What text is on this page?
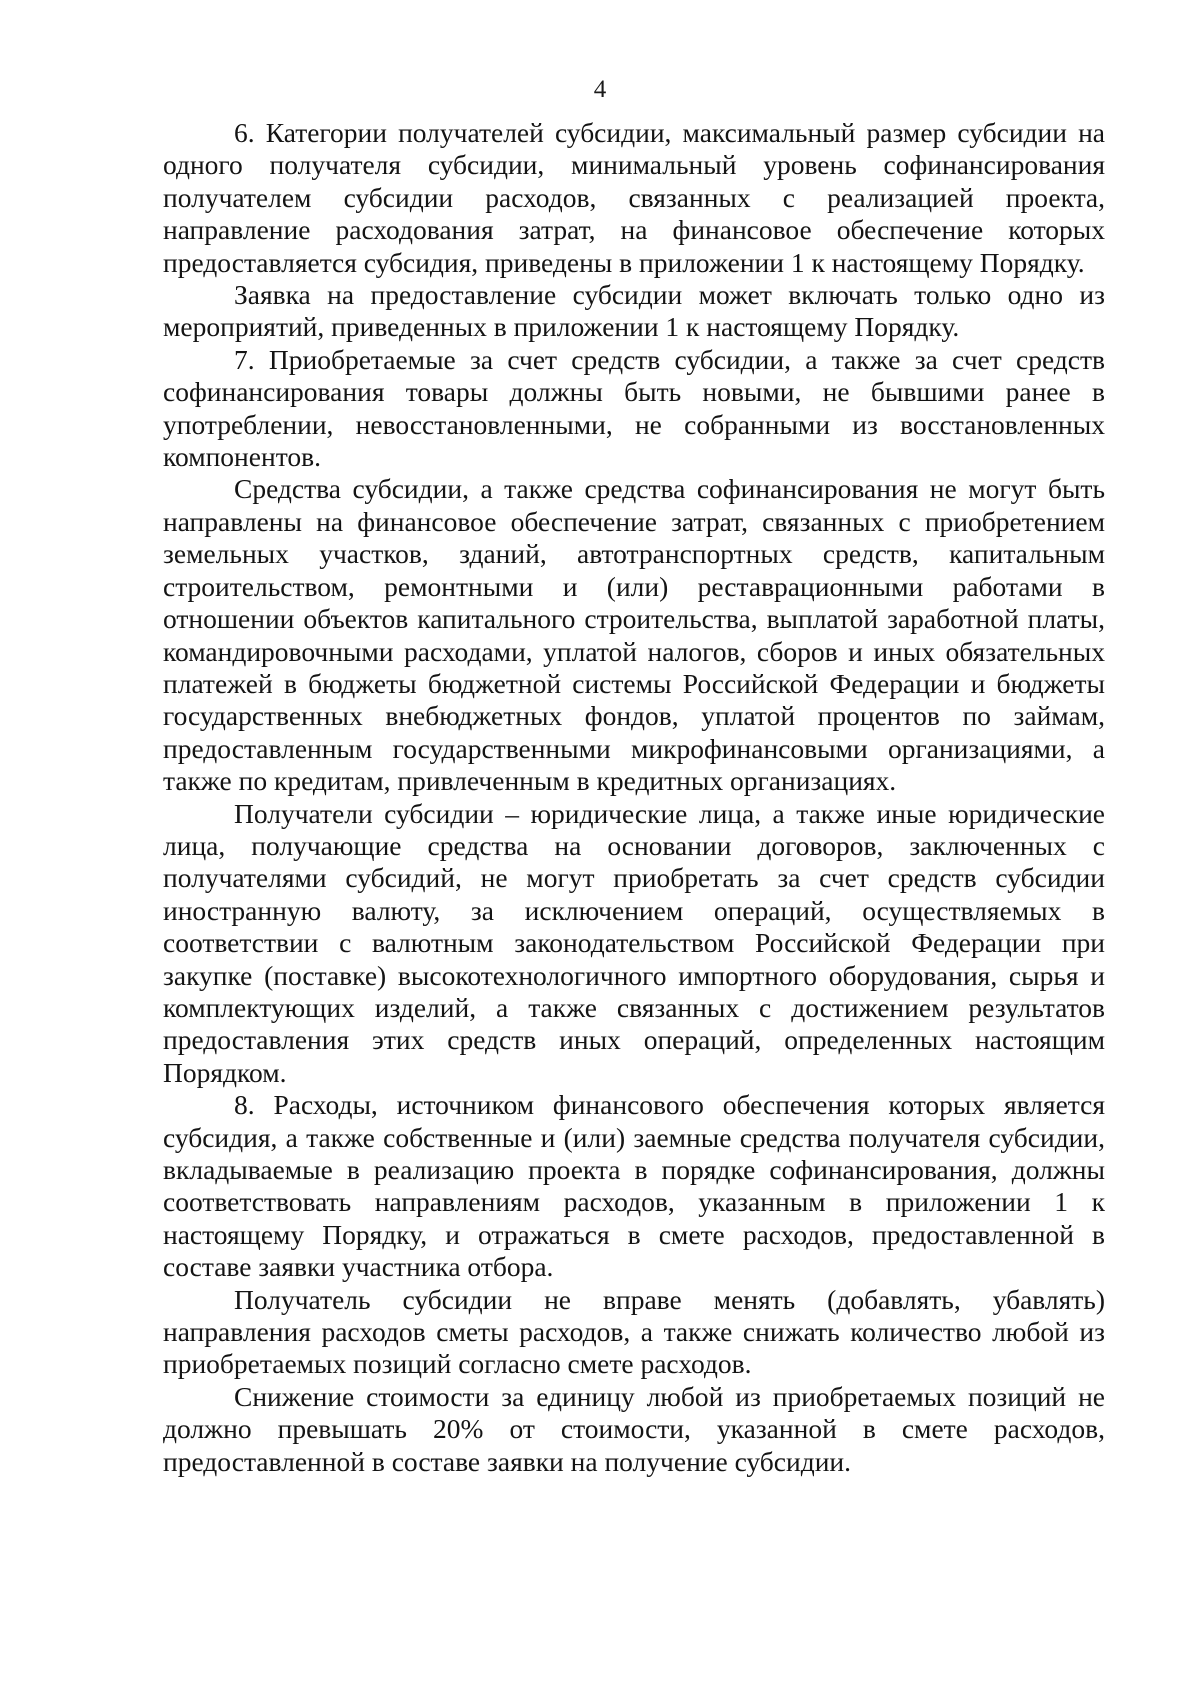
4

6. Категории получателей субсидии, максимальный размер субсидии на одного получателя субсидии, минимальный уровень софинансирования получателем субсидии расходов, связанных с реализацией проекта, направление расходования затрат, на финансовое обеспечение которых предоставляется субсидия, приведены в приложении 1 к настоящему Порядку.

Заявка на предоставление субсидии может включать только одно из мероприятий, приведенных в приложении 1 к настоящему Порядку.

7. Приобретаемые за счет средств субсидии, а также за счет средств софинансирования товары должны быть новыми, не бывшими ранее в употреблении, невосстановленными, не собранными из восстановленных компонентов.

Средства субсидии, а также средства софинансирования не могут быть направлены на финансовое обеспечение затрат, связанных с приобретением земельных участков, зданий, автотранспортных средств, капитальным строительством, ремонтными и (или) реставрационными работами в отношении объектов капитального строительства, выплатой заработной платы, командировочными расходами, уплатой налогов, сборов и иных обязательных платежей в бюджеты бюджетной системы Российской Федерации и бюджеты государственных внебюджетных фондов, уплатой процентов по займам, предоставленным государственными микрофинансовыми организациями, а также по кредитам, привлеченным в кредитных организациях.

Получатели субсидии – юридические лица, а также иные юридические лица, получающие средства на основании договоров, заключенных с получателями субсидий, не могут приобретать за счет средств субсидии иностранную валюту, за исключением операций, осуществляемых в соответствии с валютным законодательством Российской Федерации при закупке (поставке) высокотехнологичного импортного оборудования, сырья и комплектующих изделий, а также связанных с достижением результатов предоставления этих средств иных операций, определенных настоящим Порядком.

8. Расходы, источником финансового обеспечения которых является субсидия, а также собственные и (или) заемные средства получателя субсидии, вкладываемые в реализацию проекта в порядке софинансирования, должны соответствовать направлениям расходов, указанным в приложении 1 к настоящему Порядку, и отражаться в смете расходов, предоставленной в составе заявки участника отбора.

Получатель субсидии не вправе менять (добавлять, убавлять) направления расходов сметы расходов, а также снижать количество любой из приобретаемых позиций согласно смете расходов.

Снижение стоимости за единицу любой из приобретаемых позиций не должно превышать 20% от стоимости, указанной в смете расходов, предоставленной в составе заявки на получение субсидии.
